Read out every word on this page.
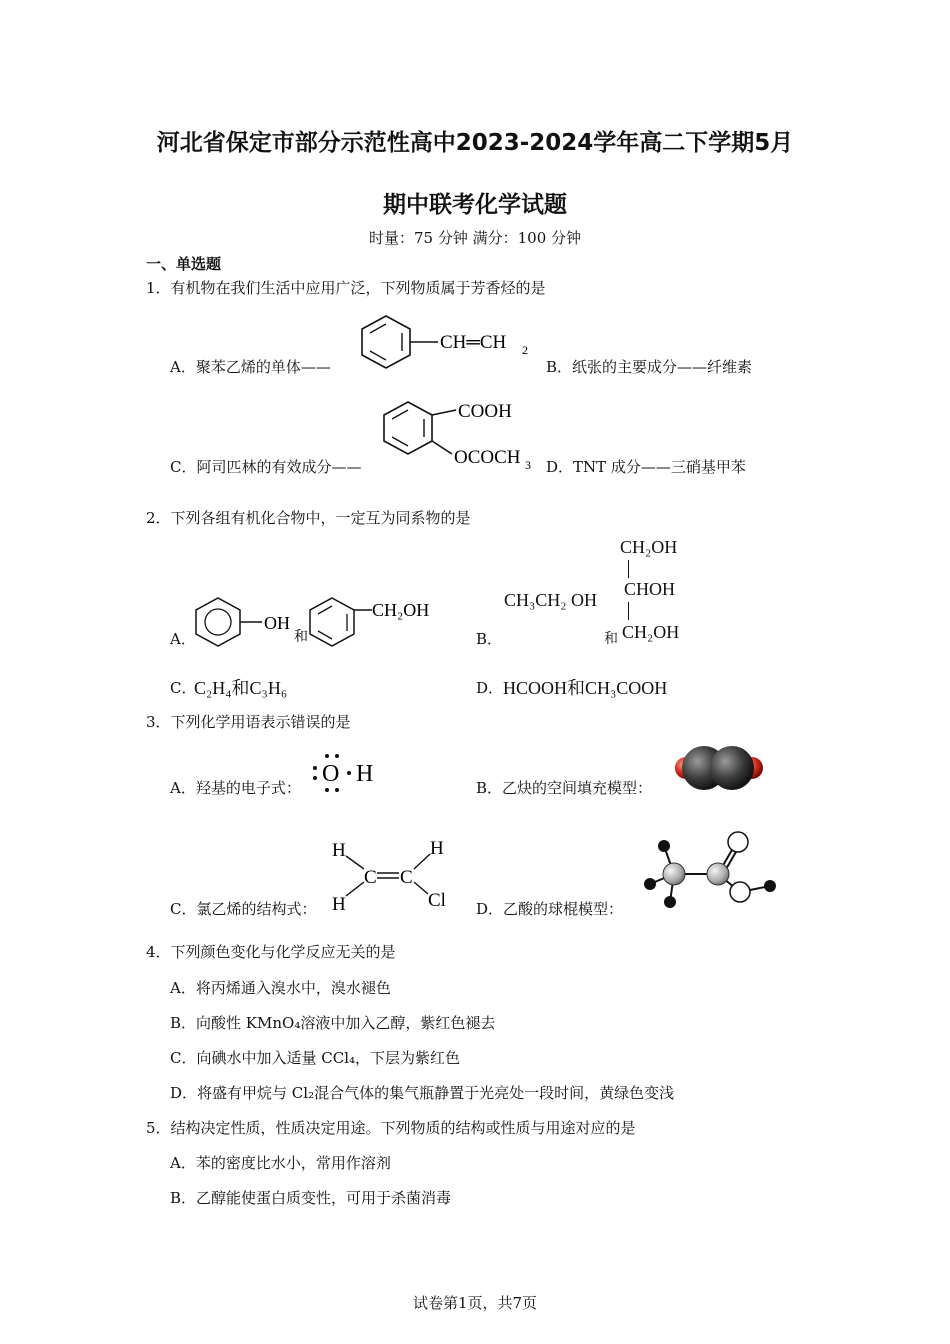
河北省保定市部分示范性高中2023-2024学年高二下学期5月
期中联考化学试题
时量：75 分钟 满分：100 分钟
一、单选题
1．有机物在我们生活中应用广泛，下列物质属于芳香烃的是
A．聚苯乙烯的单体——
CH═CH 2
B．纸张的主要成分——纤维素
C．阿司匹林的有效成分——
COOH
OCOCH 3 D．TNT 成分——三硝基甲苯
2．下列各组有机化合物中，一定互为同系物的是
A．
OH
和
CH₂OH
B．
CH₃CH₂ OH
和
CH₂OH
CHOH
CH₂OH
C．
C₂H₄和C₃H₆	D． HCOOH和CH₃COOH
3．下列化学用语表示错误的是
A．羟基的电子式：
O H
B．乙炔的空间填充模型：
C．氯乙烯的结构式：
H
H
H
C C
Cl D．乙酸的球棍模型：
4．下列颜色变化与化学反应无关的是
A．将丙烯通入溴水中，溴水褪色
B．向酸性 KMnO₄溶液中加入乙醇，紫红色褪去
C．向碘水中加入适量 CCl₄，下层为紫红色
D．将盛有甲烷与 Cl₂混合气体的集气瓶静置于光亮处一段时间，黄绿色变浅
5．结构决定性质，性质决定用途。下列物质的结构或性质与用途对应的是
A．苯的密度比水小，常用作溶剂
B．乙醇能使蛋白质变性，可用于杀菌消毒
试卷第1页，共7页
